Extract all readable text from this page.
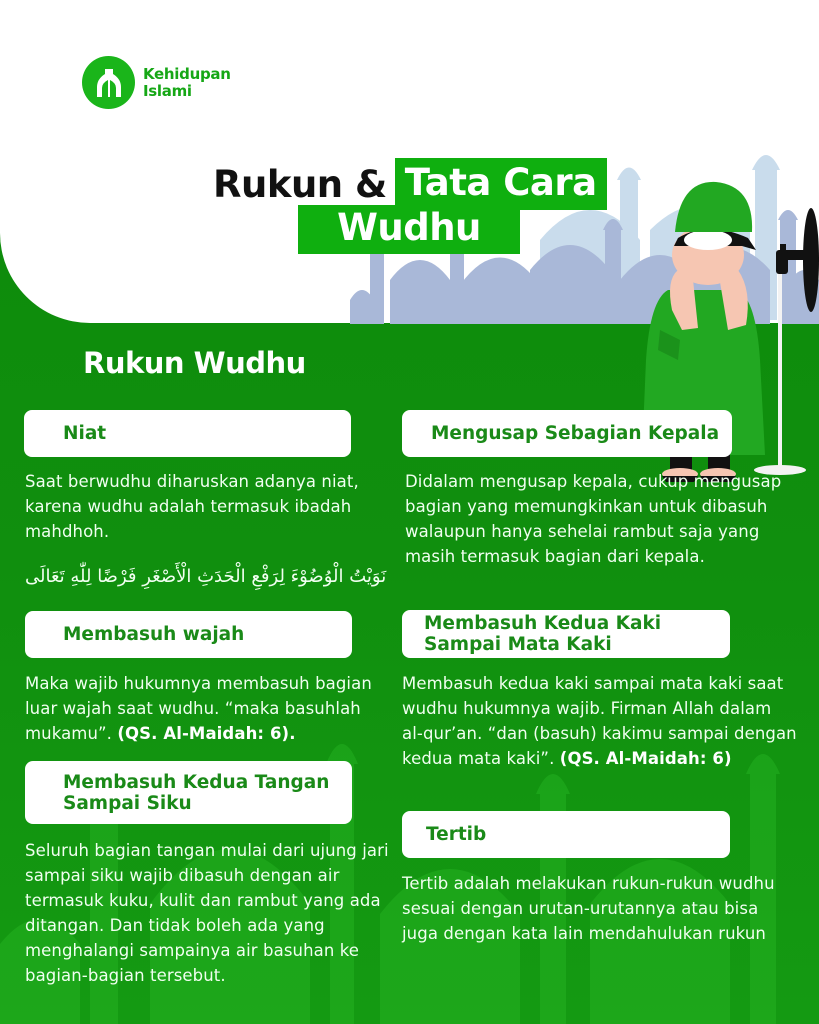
Kehidupan
Islami
Rukun & Tata Cara
Wudhu
Rukun Wudhu
Niat
Saat berwudhu diharuskan adanya niat, karena wudhu adalah termasuk ibadah mahdhoh.
نَوَيْتُ الْوُضُوْءَ لِرَفْعِ الْحَدَثِ الْأَصْغَرِ فَرْضًا لِلّٰهِ تَعَالَى
Membasuh wajah
Maka wajib hukumnya membasuh bagian luar wajah saat wudhu. “maka basuhlah mukamu”. (QS. Al-Maidah: 6).
Membasuh Kedua Tangan
Sampai Siku
Seluruh bagian tangan mulai dari ujung jari sampai siku wajib dibasuh dengan air termasuk kuku, kulit dan rambut yang ada ditangan. Dan tidak boleh ada yang menghalangi sampainya air basuhan ke bagian-bagian tersebut.
Mengusap Sebagian Kepala
Didalam mengusap kepala, cukup mengusap bagian yang memungkinkan untuk dibasuh walaupun hanya sehelai rambut saja yang masih termasuk bagian dari kepala.
Membasuh Kedua Kaki
Sampai Mata Kaki
Membasuh kedua kaki sampai mata kaki saat wudhu hukumnya wajib. Firman Allah dalam al-qur’an. “dan (basuh) kakimu sampai dengan kedua mata kaki”. (QS. Al-Maidah: 6)
Tertib
Tertib adalah melakukan rukun-rukun wudhu sesuai dengan urutan-urutannya atau bisa juga dengan kata lain mendahulukan rukun
